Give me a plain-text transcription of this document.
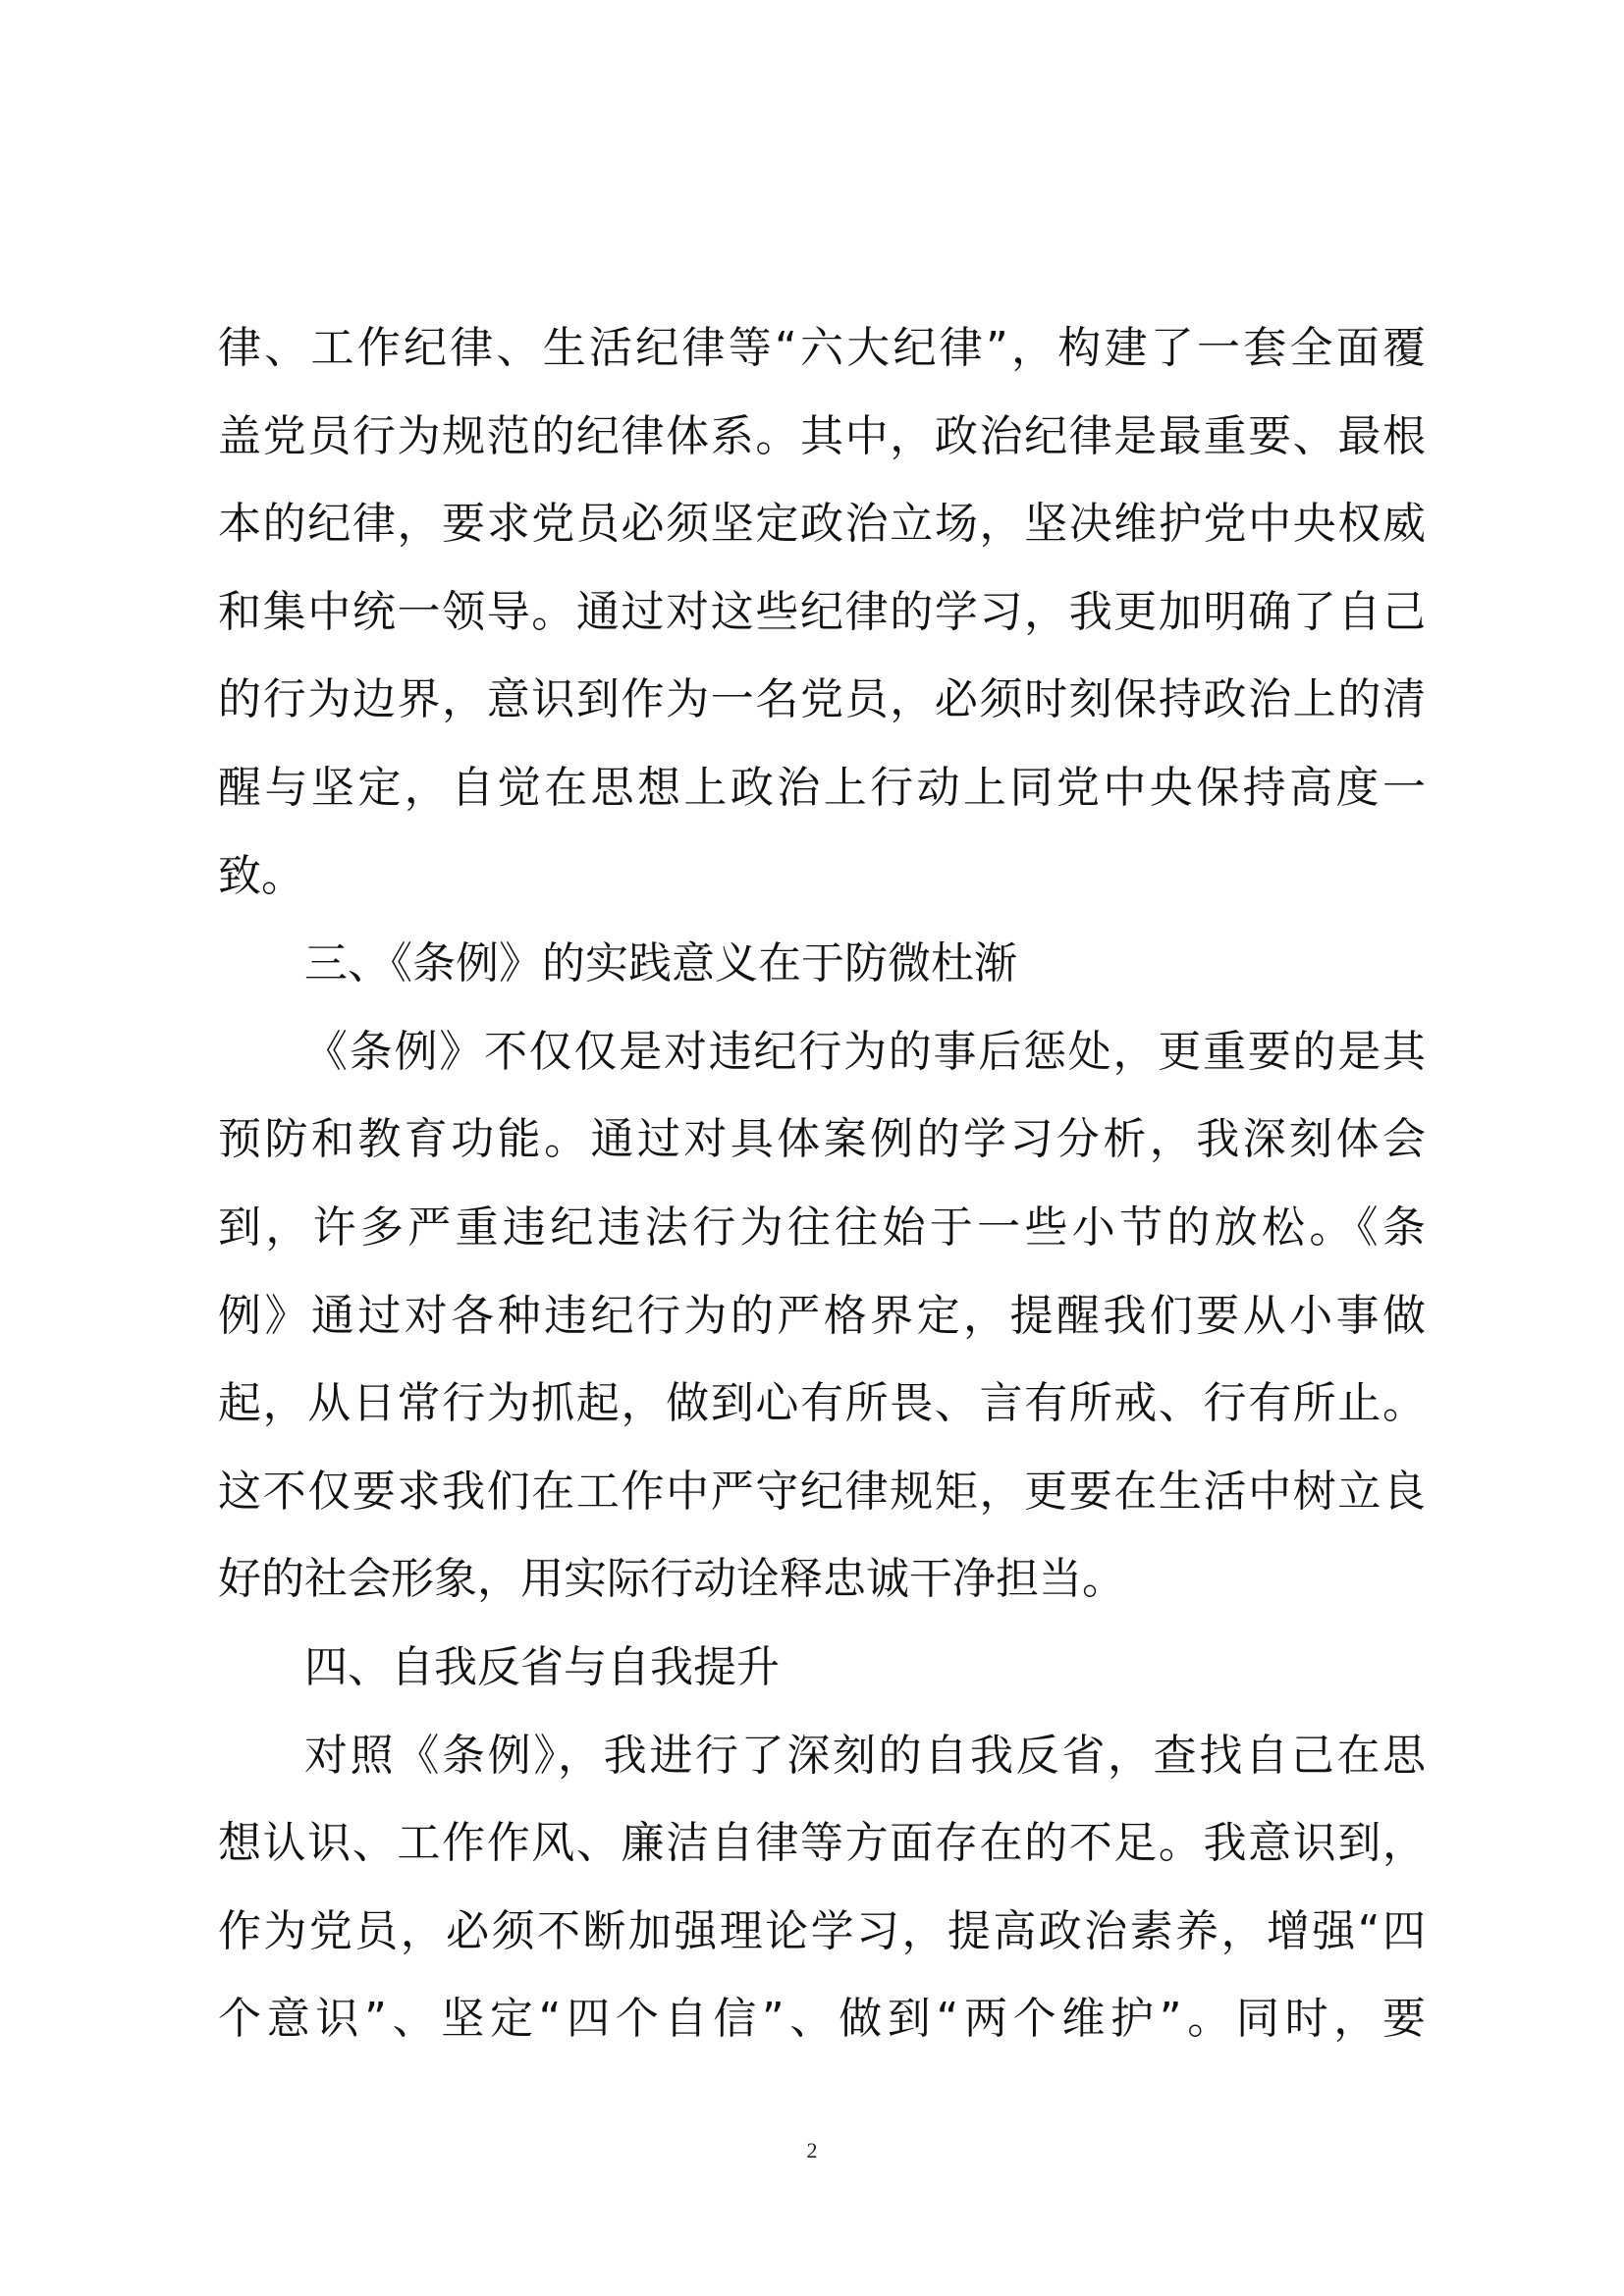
律、工作纪律、生活纪律等“六大纪律”，构建了一套全面覆
盖党员行为规范的纪律体系。其中，政治纪律是最重要、最根
本的纪律，要求党员必须坚定政治立场，坚决维护党中央权威
和集中统一领导。通过对这些纪律的学习，我更加明确了自己
的行为边界，意识到作为一名党员，必须时刻保持政治上的清
醒与坚定，自觉在思想上政治上行动上同党中央保持高度一
致。
三、《条例》的实践意义在于防微杜渐
《条例》不仅仅是对违纪行为的事后惩处，更重要的是其
预防和教育功能。通过对具体案例的学习分析，我深刻体会
到，许多严重违纪违法行为往往始于一些小节的放松。《条
例》通过对各种违纪行为的严格界定，提醒我们要从小事做
起，从日常行为抓起，做到心有所畏、言有所戒、行有所止。
这不仅要求我们在工作中严守纪律规矩，更要在生活中树立良
好的社会形象，用实际行动诠释忠诚干净担当。
四、自我反省与自我提升
对照《条例》，我进行了深刻的自我反省，查找自己在思
想认识、工作作风、廉洁自律等方面存在的不足。我意识到，
作为党员，必须不断加强理论学习，提高政治素养，增强“四
个意识”、坚定“四个自信”、做到“两个维护”。同时，要
2
